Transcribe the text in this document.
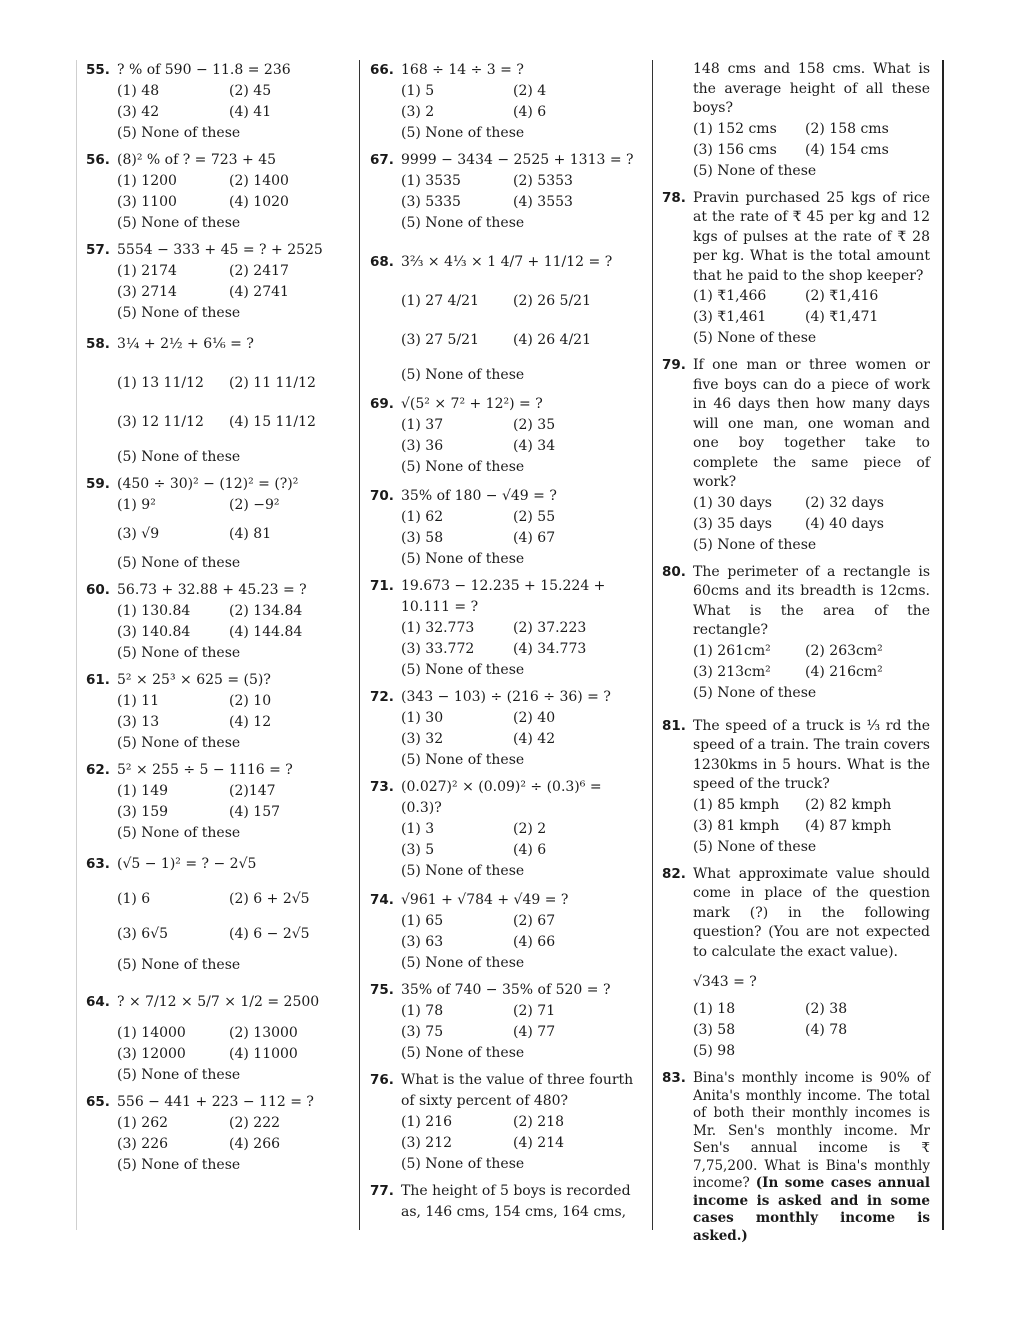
55. ? % of 590 − 11.8 = 236
(1) 48	(2) 45
(3) 42	(4) 41
(5) None of these
56. (8)² % of ? = 723 + 45
(1) 1200	(2) 1400
(3) 1100	(4) 1020
(5) None of these
57. 5554 − 333 + 45 = ? + 2525
(1) 2174	(2) 2417
(3) 2714	(4) 2741
(5) None of these
58. 3¼ + 2½ + 6⅙ = ?
(1) 13 11/12	(2) 11 11/12
(3) 12 11/12	(4) 15 11/12
(5) None of these
59. (450 ÷ 30)² − (12)² = (?)²
(1) 9²	(2) −9²
(3) √9	(4) 81
(5) None of these
60. 56.73 + 32.88 + 45.23 = ?
(1) 130.84	(2) 134.84
(3) 140.84	(4) 144.84
(5) None of these
61. 5² × 25³ × 625 = (5)?
(1) 11	(2) 10
(3) 13	(4) 12
(5) None of these
62. 5² × 255 ÷ 5 − 1116 = ?
(1) 149	(2)147
(3) 159	(4) 157
(5) None of these
63. (√5 − 1)² = ? − 2√5
(1) 6	(2) 6 + 2√5
(3) 6√5	(4) 6 − 2√5
(5) None of these
64. ? × 7/12 × 5/7 × 1/2 = 2500
(1) 14000	(2) 13000
(3) 12000	(4) 11000
(5) None of these
65. 556 − 441 + 223 − 112 = ?
(1) 262	(2) 222
(3) 226	(4) 266
(5) None of these
66. 168 ÷ 14 ÷ 3 = ?
(1) 5	(2) 4
(3) 2	(4) 6
(5) None of these
67. 9999 − 3434 − 2525 + 1313 = ?
(1) 3535	(2) 5353
(3) 5335	(4) 3553
(5) None of these
68. 3⅔ × 4⅓ × 1 4/7 + 11/12 = ?
(1) 27 4/21	(2) 26 5/21
(3) 27 5/21	(4) 26 4/21
(5) None of these
69. √(5² × 7² + 12²) = ?
(1) 37	(2) 35
(3) 36	(4) 34
(5) None of these
70. 35% of 180 − √49 = ?
(1) 62	(2) 55
(3) 58	(4) 67
(5) None of these
71. 19.673 − 12.235 + 15.224 + 10.111 = ?
(1) 32.773	(2) 37.223
(3) 33.772	(4) 34.773
(5) None of these
72. (343 − 103) ÷ (216 ÷ 36) = ?
(1) 30	(2) 40
(3) 32	(4) 42
(5) None of these
73. (0.027)² × (0.09)² ÷ (0.3)⁶ = (0.3)?
(1) 3	(2) 2
(3) 5	(4) 6
(5) None of these
74. √961 + √784 + √49 = ?
(1) 65	(2) 67
(3) 63	(4) 66
(5) None of these
75. 35% of 740 − 35% of 520 = ?
(1) 78	(2) 71
(3) 75	(4) 77
(5) None of these
76. What is the value of three fourth of sixty percent of 480?
(1) 216	(2) 218
(3) 212	(4) 214
(5) None of these
77. The height of 5 boys is recorded as, 146 cms, 154 cms, 164 cms,
148 cms and 158 cms. What is the average height of all these boys?
(1) 152 cms	(2) 158 cms
(3) 156 cms	(4) 154 cms
(5) None of these
78. Pravin purchased 25 kgs of rice at the rate of ₹ 45 per kg and 12 kgs of pulses at the rate of ₹ 28 per kg. What is the total amount that he paid to the shop keeper?
(1) ₹1,466	(2) ₹1,416
(3) ₹1,461	(4) ₹1,471
(5) None of these
79. If one man or three women or five boys can do a piece of work in 46 days then how many days will one man, one woman and one boy together take to complete the same piece of work?
(1) 30 days	(2) 32 days
(3) 35 days	(4) 40 days
(5) None of these
80. The perimeter of a rectangle is 60cms and its breadth is 12cms. What is the area of the rectangle?
(1) 261cm²	(2) 263cm²
(3) 213cm²	(4) 216cm²
(5) None of these
81. The speed of a truck is ⅓ rd the speed of a train. The train covers 1230kms in 5 hours. What is the speed of the truck?
(1) 85 kmph	(2) 82 kmph
(3) 81 kmph	(4) 87 kmph
(5) None of these
82. What approximate value should come in place of the question mark (?) in the following question? (You are not expected to calculate the exact value).
√343 = ?
(1) 18	(2) 38
(3) 58	(4) 78
(5) 98
83. Bina's monthly income is 90% of Anita's monthly income. The total of both their monthly incomes is Mr. Sen's monthly income. Mr Sen's annual income is ₹ 7,75,200. What is Bina's monthly income? (In some cases annual income is asked and in some cases monthly income is asked.)
